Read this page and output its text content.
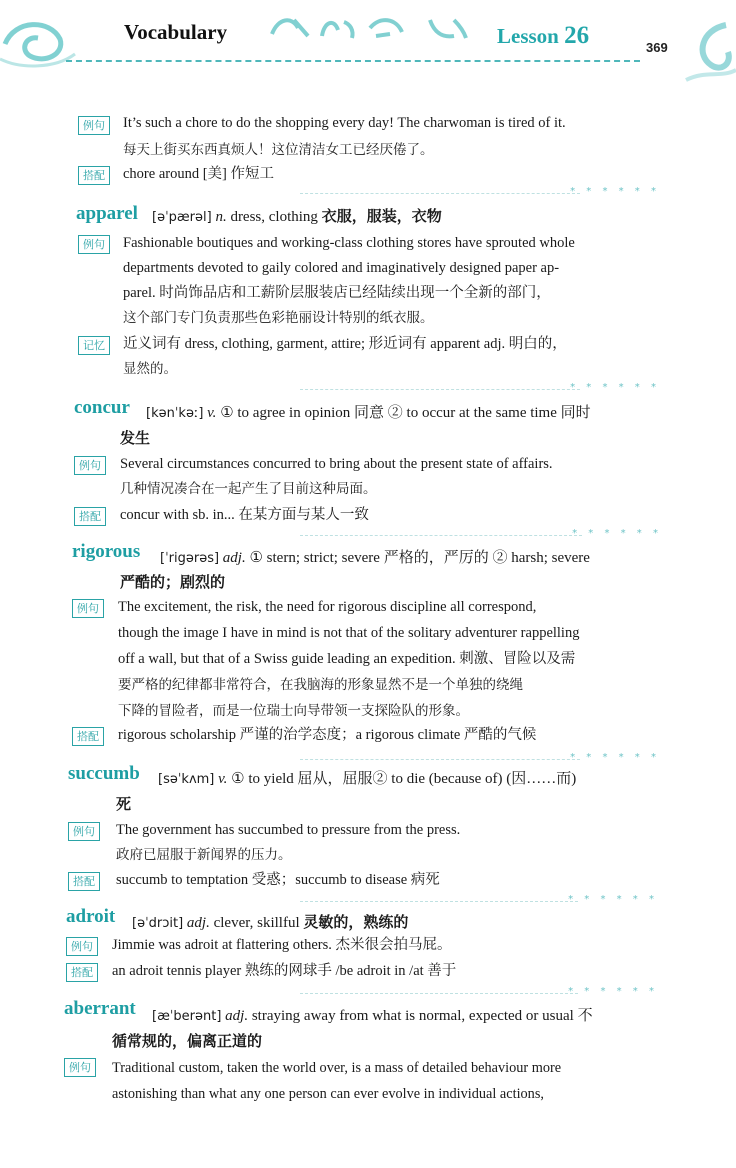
Vocabulary	Lesson 26	369
例句	It’s such a chore to do the shopping every day! The charwoman is tired of it.
每天上街买东西真烦人！这位清洁女工已经厌倦了。
搭配	chore around [美] 作短工
* * * * * *
apparel [əˈpærəl] n. dress, clothing 衣服，服装，衣物
例句	Fashionable boutiques and working-class clothing stores have sprouted whole
departments devoted to gaily colored and imaginatively designed paper ap-
parel. 时尚饰品店和工薪阶层服装店已经陆续出现一个全新的部门，
这个部门专门负责那些色彩艳丽设计特别的纸衣服。
记忆	近义词有 dress, clothing, garment, attire; 形近词有 apparent adj. 明白的，
显然的。
* * * * * *
concur [kənˈkəː] v. ① to agree in opinion 同意 ② to occur at the same time 同时
发生
例句	Several circumstances concurred to bring about the present state of affairs.
几种情况凑合在一起产生了目前这种局面。
搭配	concur with sb. in... 在某方面与某人一致
* * * * * *
rigorous [ˈrigərəs] adj. ① stern; strict; severe 严格的，严厉的 ② harsh; severe
严酷的；剧烈的
例句	The excitement, the risk, the need for rigorous discipline all correspond,
though the image I have in mind is not that of the solitary adventurer rappelling
off a wall, but that of a Swiss guide leading an expedition. 刺激、冒险以及需
要严格的纪律都非常符合，在我脑海的形象显然不是一个单独的绕绳
下降的冒险者，而是一位瑞士向导带领一支探险队的形象。
搭配	rigorous scholarship 严谨的治学态度；a rigorous climate 严酷的气候
* * * * * *
succumb [səˈkʌm] v. ① to yield 屈从，屈服② to die (because of) (因……而)
死
例句	The government has succumbed to pressure from the press.
政府已屈服于新闻界的压力。
搭配	succumb to temptation 受惑；succumb to disease 病死
* * * * * *
adroit [əˈdrɔit] adj. clever, skillful 灵敏的，熟练的
例句	Jimmie was adroit at flattering others. 杰米很会拍马屁。
搭配	an adroit tennis player 熟练的网球手 /be adroit in /at 善于
* * * * * *
aberrant [æˈberənt] adj. straying away from what is normal, expected or usual 不
循常规的，偏离正道的
例句	Traditional custom, taken the world over, is a mass of detailed behaviour more
astonishing than what any one person can ever evolve in individual actions,
